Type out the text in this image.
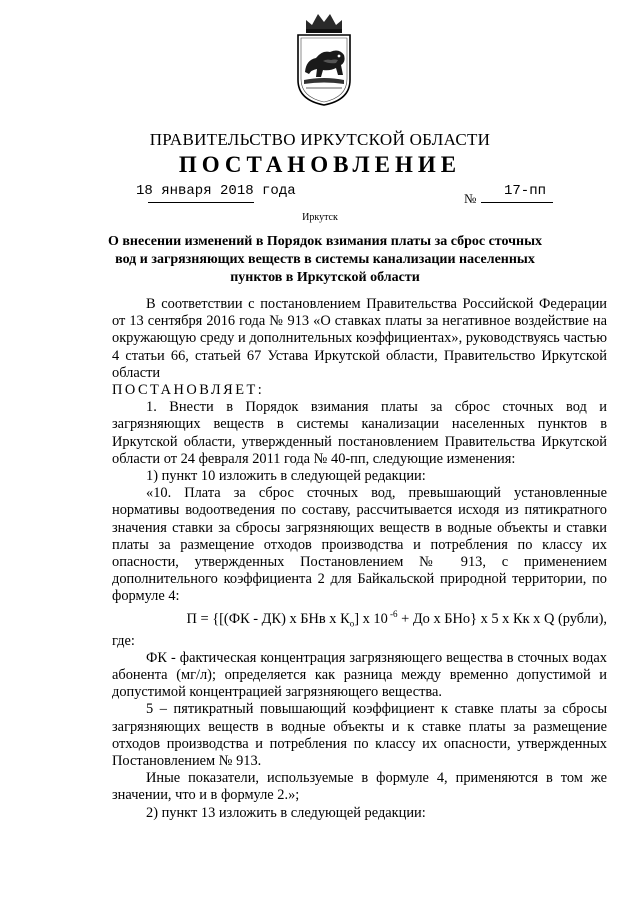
ПРАВИТЕЛЬСТВО ИРКУТСКОЙ ОБЛАСТИ
ПОСТАНОВЛЕНИЕ
18 января 2018 года	№ 17-пп
Иркутск
О внесении изменений в Порядок взимания платы за сброс сточных вод и загрязняющих веществ в системы канализации населенных пунктов в Иркутской области

В соответствии с постановлением Правительства Российской Федерации от 13 сентября 2016 года № 913 «О ставках платы за негативное воздействие на окружающую среду и дополнительных коэффициентах», руководствуясь частью 4 статьи 66, статьей 67 Устава Иркутской области, Правительство Иркутской области

ПОСТАНОВЛЯЕТ:

1. Внести в Порядок взимания платы за сброс сточных вод и загрязняющих веществ в системы канализации населенных пунктов в Иркутской области, утвержденный постановлением Правительства Иркутской области от 24 февраля 2011 года № 40-пп, следующие изменения:

1) пункт 10 изложить в следующей редакции:

«10. Плата за сброс сточных вод, превышающий установленные нормативы водоотведения по составу, рассчитывается исходя из пятикратного значения ставки за сбросы загрязняющих веществ в водные объекты и ставки платы за размещение отходов производства и потребления по классу их опасности, утвержденных Постановлением № 913, с применением дополнительного коэффициента 2 для Байкальской природной территории, по формуле 4:

П = {[(ФК - ДК) x БНв x $К_о$] x 10 $^{-6}$ + До x БНо} x 5 x Кк x Q (рубли),

где:

ФК - фактическая концентрация загрязняющего вещества в сточных водах абонента (мг/л); определяется как разница между временно допустимой и допустимой концентрацией загрязняющего вещества.

5 – пятикратный повышающий коэффициент к ставке платы за сбросы загрязняющих веществ в водные объекты и к ставке платы за размещение отходов производства и потребления по классу их опасности, утвержденных Постановлением № 913.

Иные показатели, используемые в формуле 4, применяются в том же значении, что и в формуле 2.»;

2) пункт 13 изложить в следующей редакции:
